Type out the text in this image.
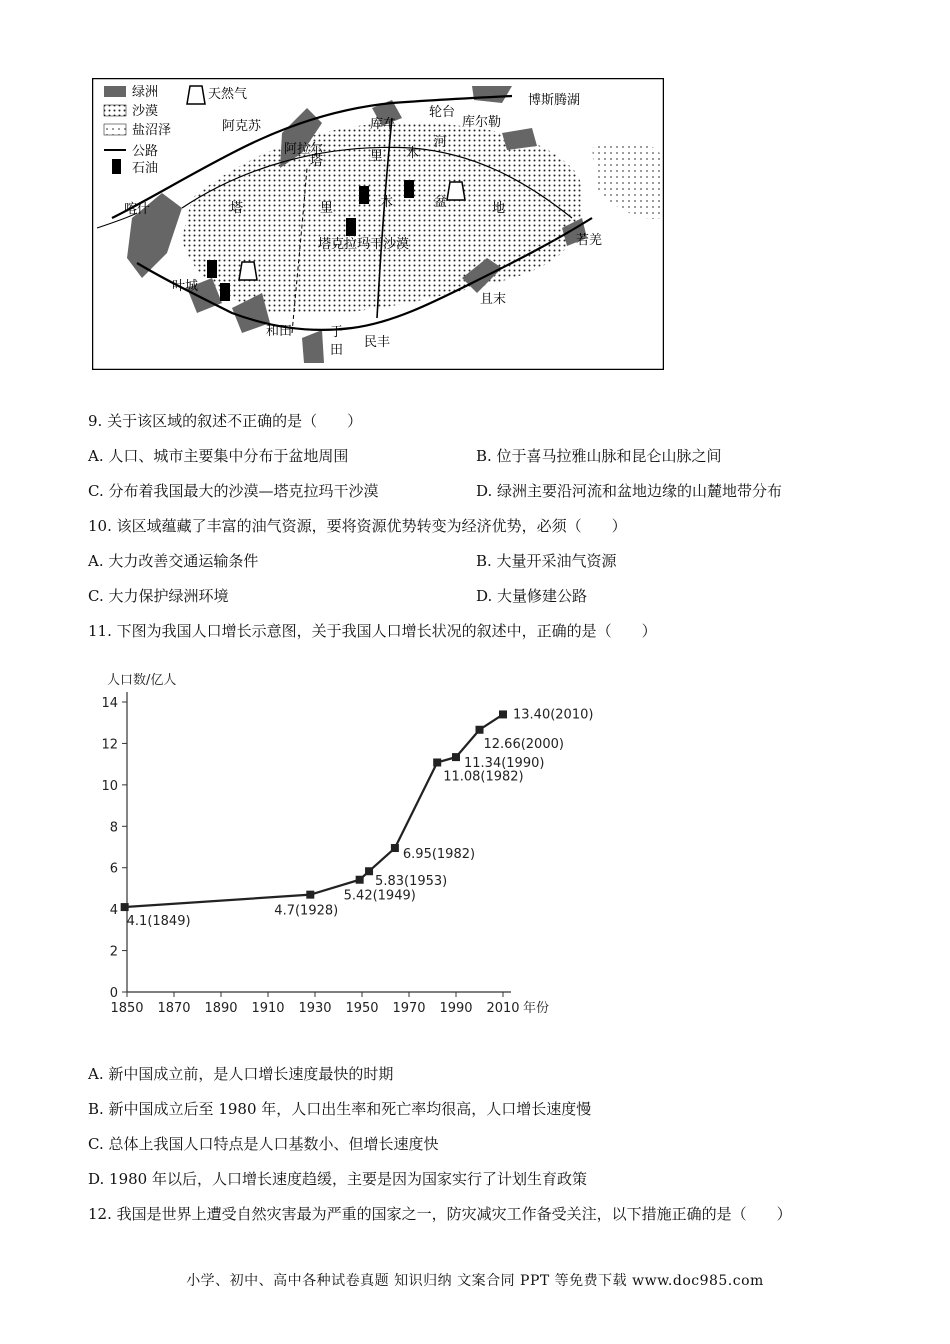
绿洲
沙漠
盐沼泽
公路
石油
天然气
阿克苏
阿拉尔
库车
轮台
库尔勒
博斯腾湖
塔	里 木
河
喀什	塔	里	木	盆	地
塔克拉玛干沙漠	若羌
叶城
且末
和田	于
田
民丰
9. 关于该区域的叙述不正确的是（　　）
A. 人口、城市主要集中分布于盆地周围	B. 位于喜马拉雅山脉和昆仑山脉之间
C. 分布着我国最大的沙漠—塔克拉玛干沙漠	D. 绿洲主要沿河流和盆地边缘的山麓地带分布
10. 该区域蕴藏了丰富的油气资源，要将资源优势转变为经济优势，必须（　　）
A. 大力改善交通运输条件	B. 大量开采油气资源
C. 大力保护绿洲环境	D. 大量修建公路
11. 下图为我国人口增长示意图，关于我国人口增长状况的叙述中，正确的是（　　）
0
2
4
6
8
10
12
14
1850 1870 1890 1910 1930 1950 1970 1990 2010
人口数/亿人
年份
4.1(1849)
4.7(1928)
5.42(1949)
5.83(1953)
6.95(1982)
11.08(1982)
11.34(1990)
12.66(2000)
13.40(2010)
A. 新中国成立前，是人口增长速度最快的时期
B. 新中国成立后至 1980 年，人口出生率和死亡率均很高，人口增长速度慢
C. 总体上我国人口特点是人口基数小、但增长速度快
D. 1980 年以后，人口增长速度趋缓，主要是因为国家实行了计划生育政策
12. 我国是世界上遭受自然灾害最为严重的国家之一，防灾减灾工作备受关注，以下措施正确的是（　　）
小学、初中、高中各种试卷真题 知识归纳 文案合同 PPT 等免费下载 www.doc985.com
